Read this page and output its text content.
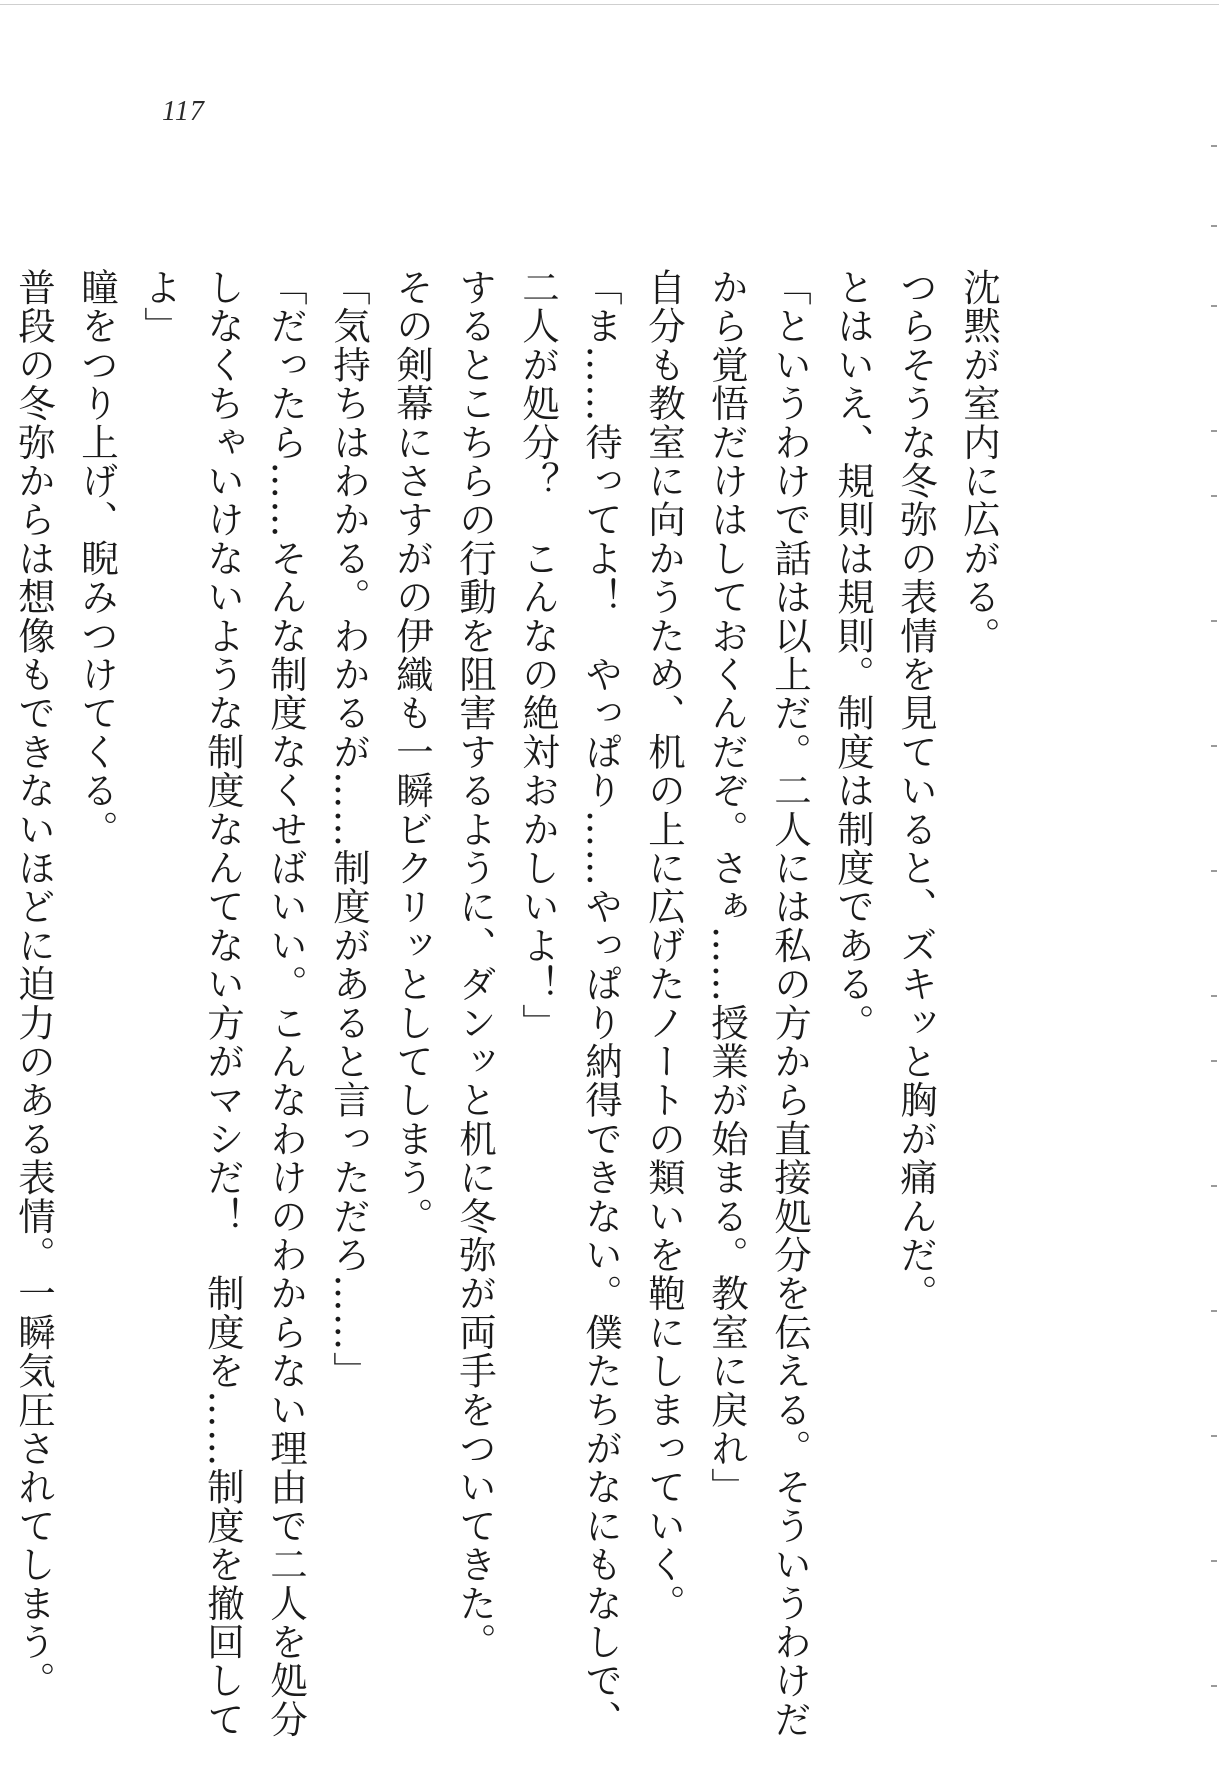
117
沈黙が室内に広がる。
つらそうな冬弥の表情を見ていると、ズキッと胸が痛んだ。
とはいえ、規則は規則。制度は制度である。
「というわけで話は以上だ。二人には私の方から直接処分を伝える。そういうわけだ
から覚悟だけはしておくんだぞ。さぁ……授業が始まる。教室に戻れ」
自分も教室に向かうため、机の上に広げたノートの類いを鞄にしまっていく。
「ま……待ってよ！　やっぱり……やっぱり納得できない。僕たちがなにもなしで、
二人が処分？　こんなの絶対おかしいよ！」
するとこちらの行動を阻害するように、ダンッと机に冬弥が両手をついてきた。
その剣幕にさすがの伊織も一瞬ビクリッとしてしまう。
「気持ちはわかる。わかるが……制度があると言っただろ……」
「だったら……そんな制度なくせばいい。こんなわけのわからない理由で二人を処分
しなくちゃいけないような制度なんてない方がマシだ！　制度を……制度を撤回して
よ」
瞳をつり上げ、睨みつけてくる。
普段の冬弥からは想像もできないほどに迫力のある表情。一瞬気圧されてしまう。
